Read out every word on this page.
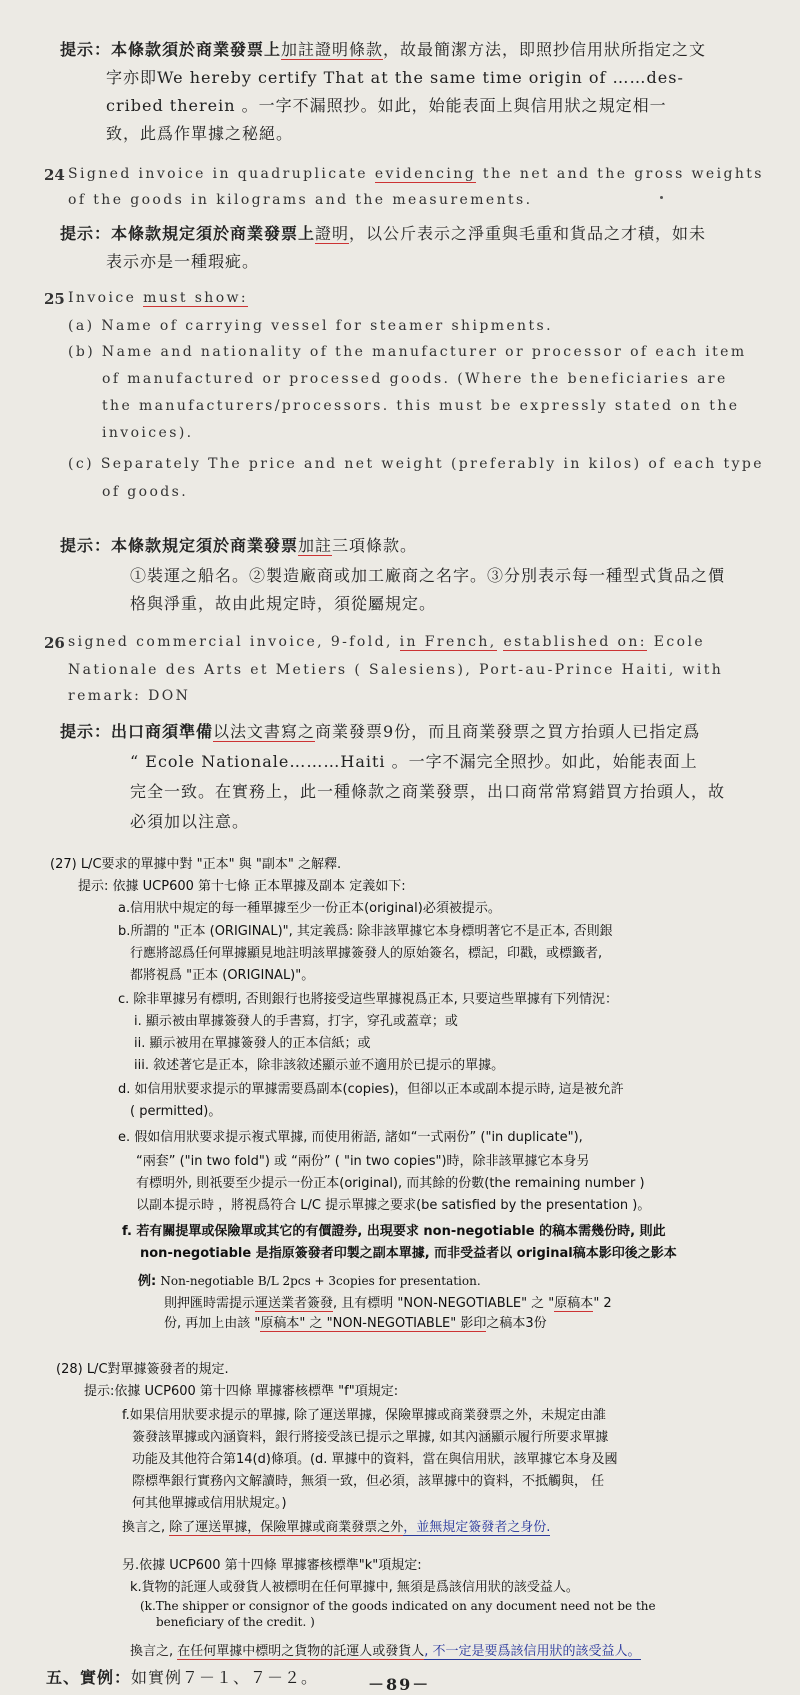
提示：本條款須於商業發票上加註證明條款，故最簡潔方法，即照抄信用狀所指定之文
字亦即We hereby certify That at the same time origin of ……des-
cribed therein 。一字不漏照抄。如此，始能表面上與信用狀之規定相一
致，此爲作單據之秘絕。
24 Signed invoice in quadruplicate evidencing the net and the gross weights
of the goods in kilograms and the measurements.
提示：本條款規定須於商業發票上證明，以公斤表示之淨重與毛重和貨品之才積，如未
表示亦是一種瑕疵。
25 Invoice must show:
(a) Name of carrying vessel for steamer shipments.
(b) Name and nationality of the manufacturer or processor of each item
of manufactured or processed goods. (Where the beneficiaries are
the manufacturers/processors. this must be expressly stated on the
invoices).
(c) Separately The price and net weight (preferably in kilos) of each type
of goods.
提示：本條款規定須於商業發票加註三項條款。
①裝運之船名。②製造廠商或加工廠商之名字。③分別表示每一種型式貨品之價
格與淨重，故由此規定時，須從屬規定。
26 signed commercial invoice, 9-fold, in French, established on: Ecole
Nationale des Arts et Metiers ( Salesiens), Port-au-Prince Haiti, with
remark: DON
提示：出口商須準備以法文書寫之商業發票9份，而且商業發票之買方抬頭人已指定爲
“ Ecole Nationale………Haiti 。一字不漏完全照抄。如此，始能表面上
完全一致。在實務上，此一種條款之商業發票，出口商常常寫錯買方抬頭人，故
必須加以注意。
(27) L/C要求的單據中對 "正本" 與 "副本" 之解釋.
提示: 依據 UCP600 第十七條 正本單據及副本 定義如下:
a.信用狀中規定的每一種單據至少一份正本(original)必須被提示。
b.所謂的 "正本 (ORIGINAL)", 其定義爲: 除非該單據它本身標明著它不是正本, 否則銀
行應將認爲任何單據顯見地註明該單據簽發人的原始簽名，標記，印戳，或標籤者,
都將視爲 "正本 (ORIGINAL)"。
c. 除非單據另有標明, 否則銀行也將接受這些單據視爲正本, 只要這些單據有下列情況：
i. 顯示被由單據簽發人的手書寫，打字，穿孔或蓋章；或
ii. 顯示被用在單據簽發人的正本信紙；或
iii. 敘述著它是正本，除非該敘述顯示並不適用於已提示的單據。
d. 如信用狀要求提示的單據需要爲副本(copies)，但卻以正本或副本提示時, 這是被允許
( permitted)。
e. 假如信用狀要求提示複式單據, 而使用術語, 諸如“一式兩份” ("in duplicate"),
“兩套” ("in two fold") 或 “兩份” ( "in two copies")時，除非該單據它本身另
有標明外, 則祇要至少提示一份正本(original), 而其餘的份數(the remaining number )
以副本提示時 ，將視爲符合 L/C 提示單據之要求(be satisfied by the presentation )。
f. 若有關提單或保險單或其它的有價證券, 出現要求 non-negotiable 的稿本需幾份時, 則此
non-negotiable 是指原簽發者印製之副本單據, 而非受益者以 original稿本影印後之影本
例: Non-negotiable B/L 2pcs + 3copies for presentation.
則押匯時需提示運送業者簽發, 且有標明 "NON-NEGOTIABLE" 之 "原稿本" 2
份, 再加上由該 "原稿本" 之 "NON-NEGOTIABLE" 影印之稿本3份
(28) L/C對單據簽發者的規定.
提示:依據 UCP600 第十四條 單據審核標準 "f"項規定:
f.如果信用狀要求提示的單據, 除了運送單據，保險單據或商業發票之外，未規定由誰
簽發該單據或內涵資料，銀行將接受該已提示之單據, 如其內涵顯示履行所要求單據
功能及其他符合第14(d)條項。(d. 單據中的資料，當在與信用狀，該單據它本身及國
際標準銀行實務內文解讀時，無須一致，但必須，該單據中的資料，不抵觸與， 任
何其他單據或信用狀規定。)
換言之, 除了運送單據，保險單據或商業發票之外，並無規定簽發者之身份.
另.依據 UCP600 第十四條 單據審核標準"k"項規定:
k.貨物的託運人或發貨人被標明在任何單據中, 無須是爲該信用狀的該受益人。
(k.The shipper or consignor of the goods indicated on any document need not be the
beneficiary of the credit. )
換言之, 在任何單據中標明之貨物的託運人或發貨人, 不一定是要爲該信用狀的該受益人。
五、實例：如實例７－１、７－２。	－89－
